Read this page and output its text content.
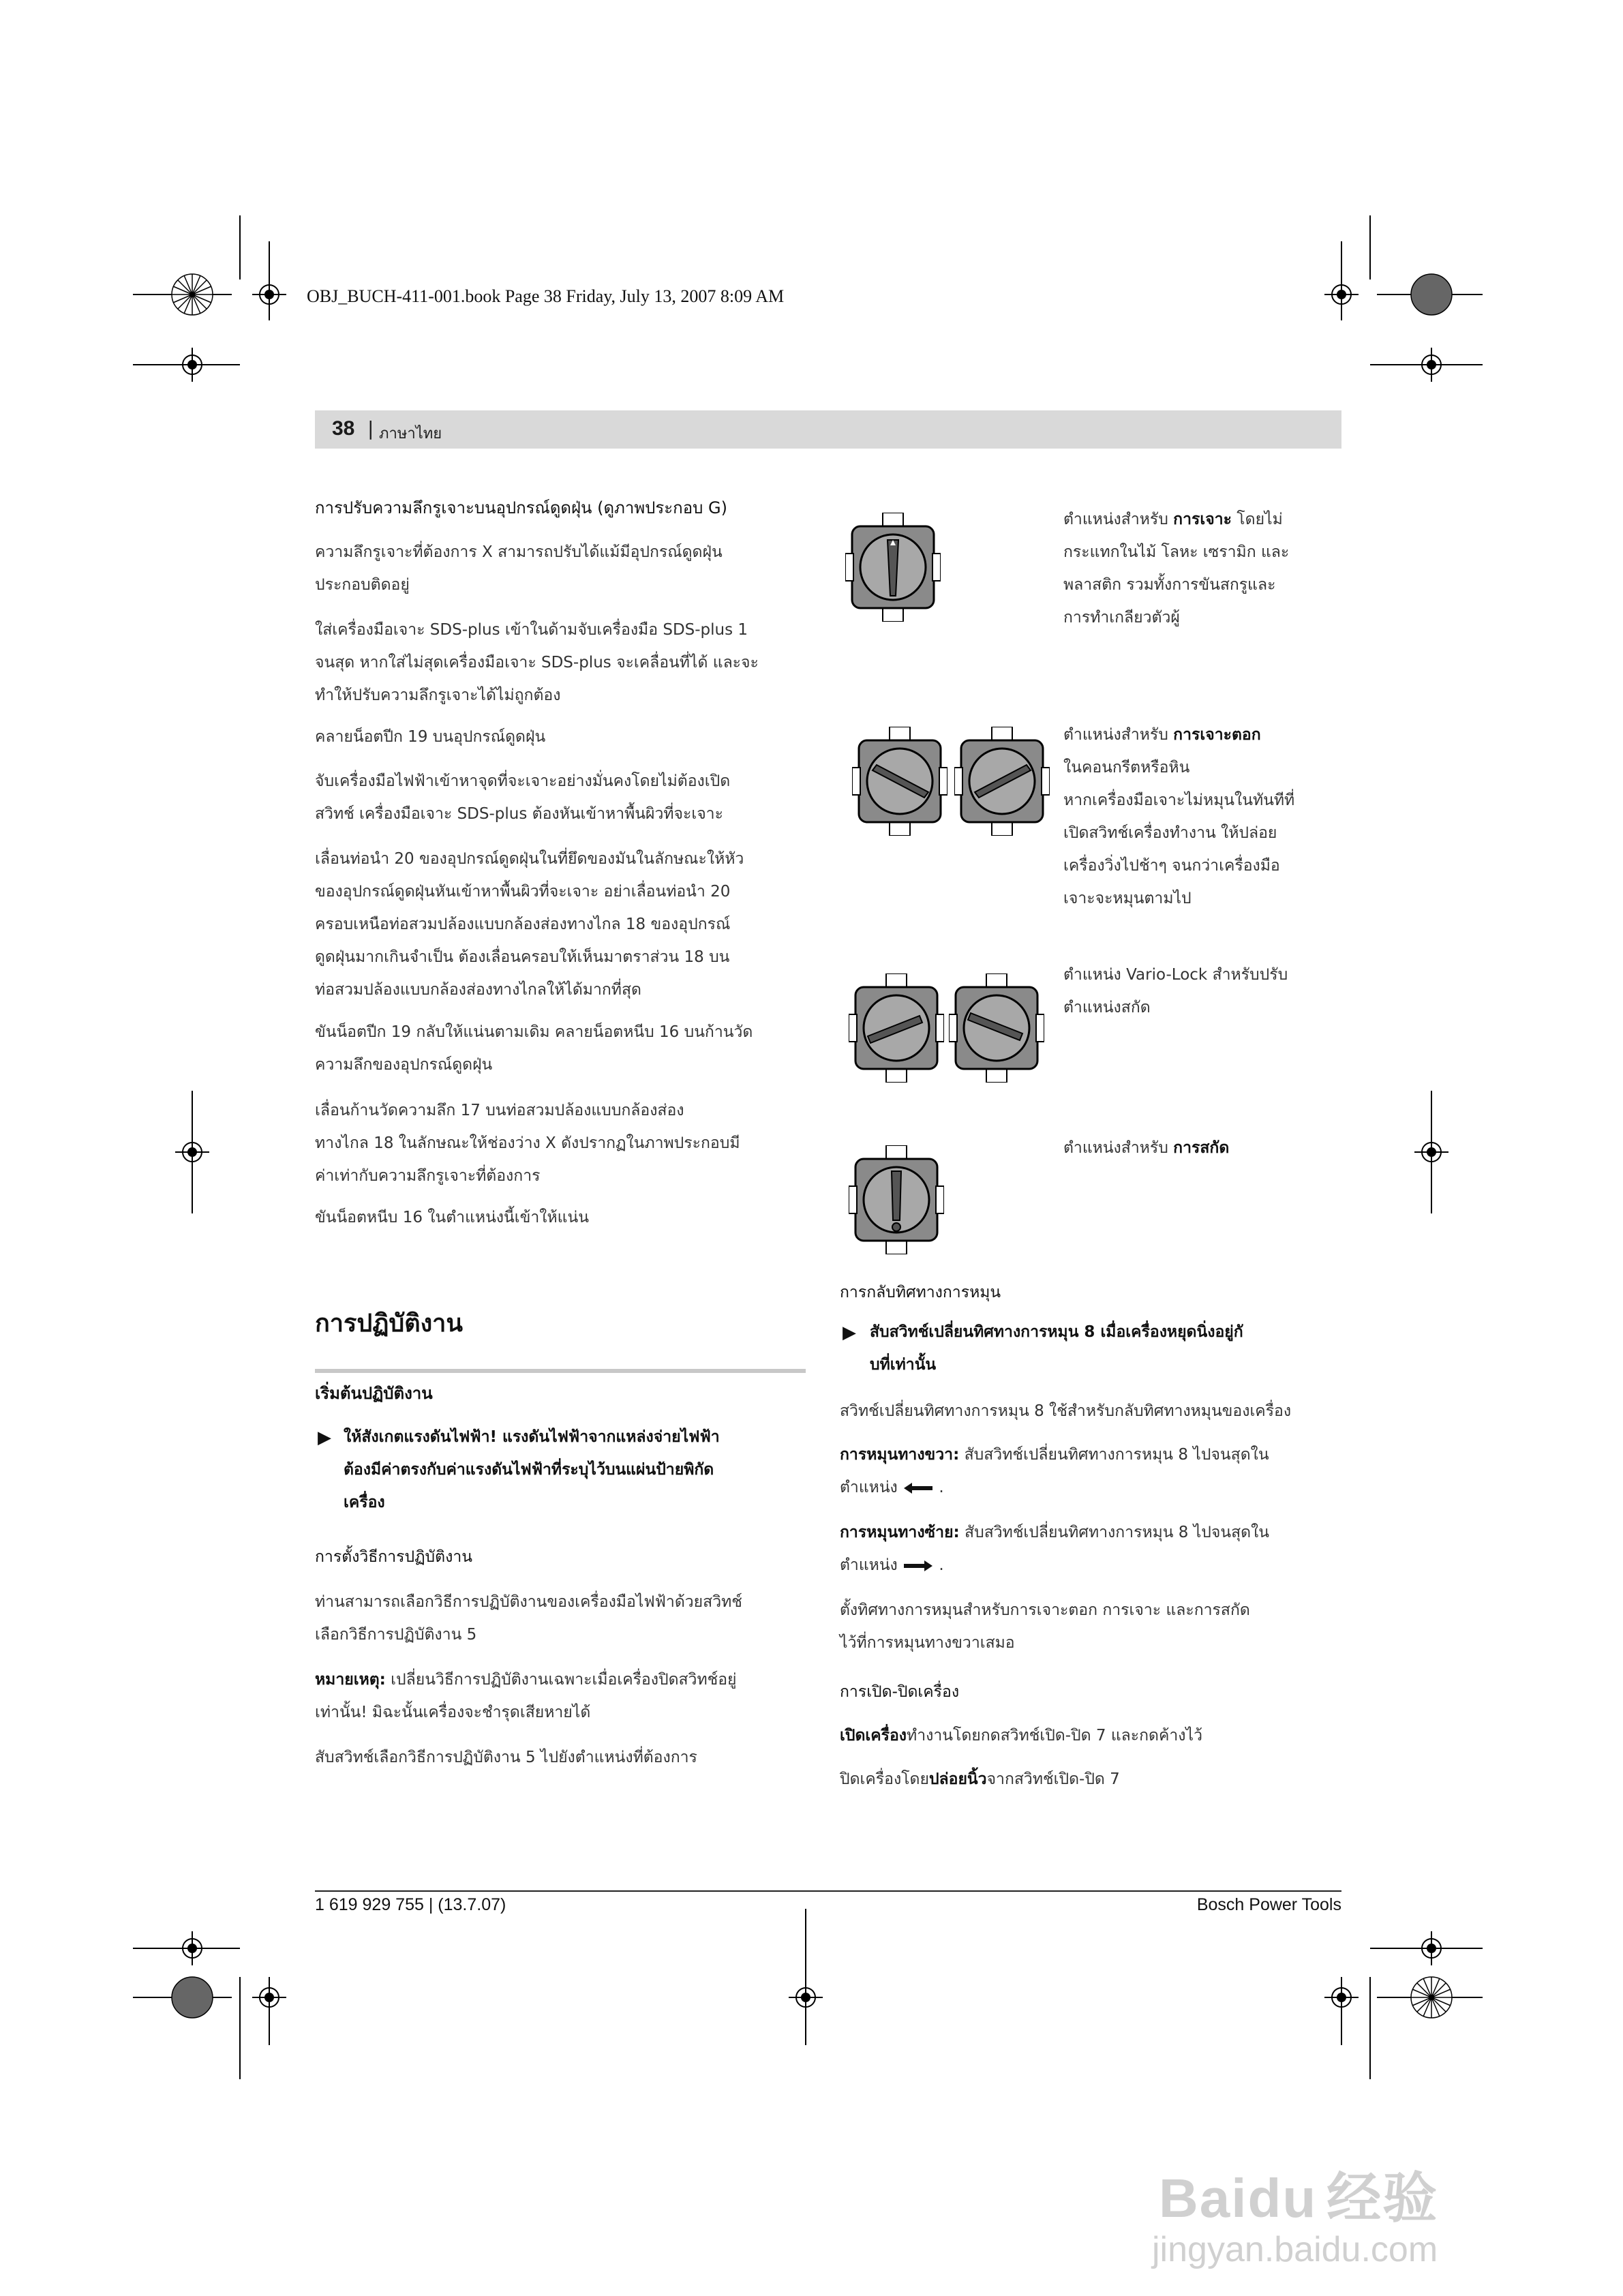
OBJ_BUCH-411-001.book Page 38 Friday, July 13, 2007 8:09 AM
38 | ภาษาไทย
การปรับความลึกรูเจาะบนอุปกรณ์ดูดฝุ่น (ดูภาพประกอบ G)
ความลึกรูเจาะที่ต้องการ X สามารถปรับได้แม้มีอุปกรณ์ดูดฝุ่น
ประกอบติดอยู่
ใส่เครื่องมือเจาะ SDS-plus เข้าในด้ามจับเครื่องมือ SDS-plus 1
จนสุด หากใส่ไม่สุดเครื่องมือเจาะ SDS-plus จะเคลื่อนที่ได้ และจะ
ทำให้ปรับความลึกรูเจาะได้ไม่ถูกต้อง
คลายน็อตปีก 19 บนอุปกรณ์ดูดฝุ่น
จับเครื่องมือไฟฟ้าเข้าหาจุดที่จะเจาะอย่างมั่นคงโดยไม่ต้องเปิด
สวิทช์ เครื่องมือเจาะ SDS-plus ต้องหันเข้าหาพื้นผิวที่จะเจาะ
เลื่อนท่อนำ 20 ของอุปกรณ์ดูดฝุ่นในที่ยึดของมันในลักษณะให้หัว
ของอุปกรณ์ดูดฝุ่นหันเข้าหาพื้นผิวที่จะเจาะ อย่าเลื่อนท่อนำ 20
ครอบเหนือท่อสวมปล้องแบบกล้องส่องทางไกล 18 ของอุปกรณ์
ดูดฝุ่นมากเกินจำเป็น ต้องเลื่อนครอบให้เห็นมาตราส่วน 18 บน
ท่อสวมปล้องแบบกล้องส่องทางไกลให้ได้มากที่สุด
ขันน็อตปีก 19 กลับให้แน่นตามเดิม คลายน็อตหนีบ 16 บนก้านวัด
ความลึกของอุปกรณ์ดูดฝุ่น
เลื่อนก้านวัดความลึก 17 บนท่อสวมปล้องแบบกล้องส่อง
ทางไกล 18 ในลักษณะให้ช่องว่าง X ดังปรากฏในภาพประกอบมี
ค่าเท่ากับความลึกรูเจาะที่ต้องการ
ขันน็อตหนีบ 16 ในตำแหน่งนี้เข้าให้แน่น
การปฏิบัติงาน
เริ่มต้นปฏิบัติงาน
▶ ให้สังเกตแรงดันไฟฟ้า! แรงดันไฟฟ้าจากแหล่งจ่ายไฟฟ้า
ต้องมีค่าตรงกับค่าแรงดันไฟฟ้าที่ระบุไว้บนแผ่นป้ายพิกัด
เครื่อง
การตั้งวิธีการปฏิบัติงาน
ท่านสามารถเลือกวิธีการปฏิบัติงานของเครื่องมือไฟฟ้าด้วยสวิทช์
เลือกวิธีการปฏิบัติงาน 5
หมายเหตุ: เปลี่ยนวิธีการปฏิบัติงานเฉพาะเมื่อเครื่องปิดสวิทช์อยู่
เท่านั้น! มิฉะนั้นเครื่องจะชำรุดเสียหายได้
สับสวิทช์เลือกวิธีการปฏิบัติงาน 5 ไปยังตำแหน่งที่ต้องการ
ตำแหน่งสำหรับ การเจาะ โดยไม่
กระแทกในไม้ โลหะ เซรามิก และ
พลาสติก รวมทั้งการขันสกรูและ
การทำเกลียวตัวผู้
ตำแหน่งสำหรับ การเจาะตอก
ในคอนกรีตหรือหิน
หากเครื่องมือเจาะไม่หมุนในทันทีที่
เปิดสวิทช์เครื่องทำงาน ให้ปล่อย
เครื่องวิ่งไปช้าๆ จนกว่าเครื่องมือ
เจาะจะหมุนตามไป
ตำแหน่ง Vario-Lock สำหรับปรับ
ตำแหน่งสกัด
ตำแหน่งสำหรับ การสกัด
การกลับทิศทางการหมุน
▶ สับสวิทช์เปลี่ยนทิศทางการหมุน 8 เมื่อเครื่องหยุดนิ่งอยู่กั
บที่เท่านั้น
สวิทช์เปลี่ยนทิศทางการหมุน 8 ใช้สำหรับกลับทิศทางหมุนของเครื่อง
การหมุนทางขวา: สับสวิทช์เปลี่ยนทิศทางการหมุน 8 ไปจนสุดใน
ตำแหน่ง  .
การหมุนทางซ้าย: สับสวิทช์เปลี่ยนทิศทางการหมุน 8 ไปจนสุดใน
ตำแหน่ง  .
ตั้งทิศทางการหมุนสำหรับการเจาะตอก การเจาะ และการสกัด
ไว้ที่การหมุนทางขวาเสมอ
การเปิด-ปิดเครื่อง
เปิดเครื่องทำงานโดยกดสวิทช์เปิด-ปิด 7 และกดค้างไว้
ปิดเครื่องโดยปล่อยนิ้วจากสวิทช์เปิด-ปิด 7
1 619 929 755 | (13.7.07)	Bosch Power Tools
Baidu 经验
jingyan.baidu.com
